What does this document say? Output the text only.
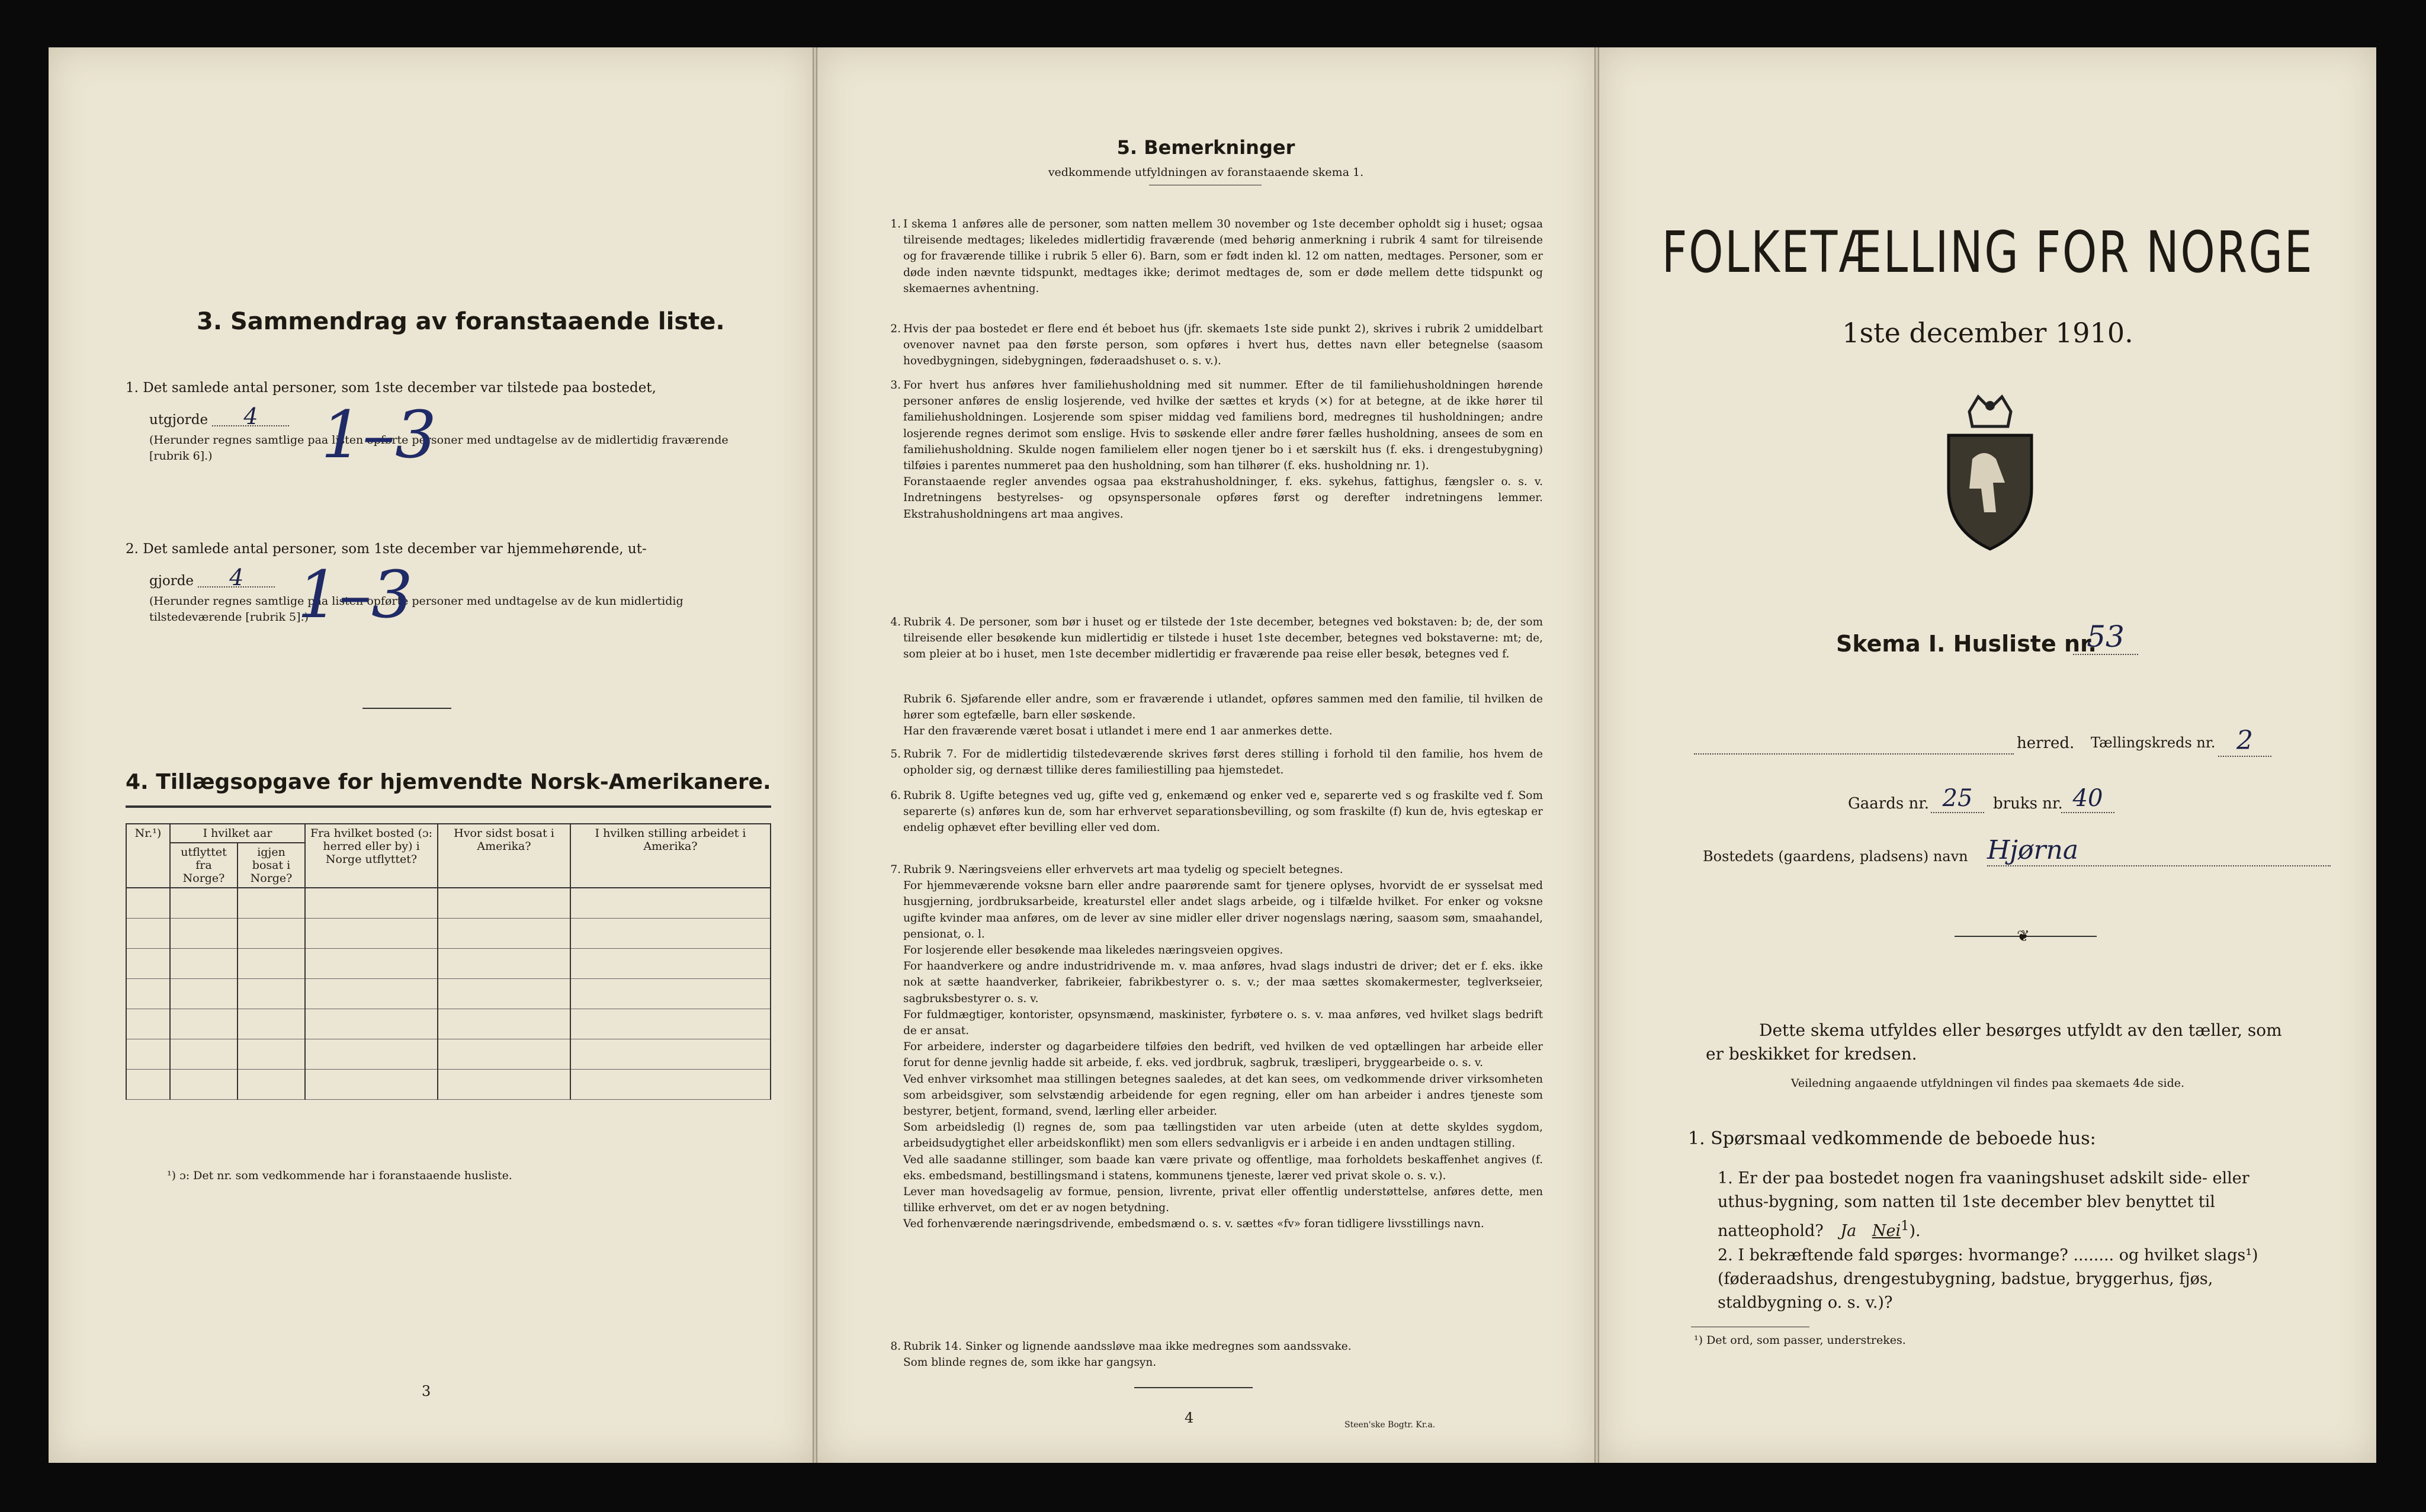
3. Sammendrag av foranstaaende liste.
1. Det samlede antal personer, som 1ste december var tilstede paa bostedet,
utgjorde 4
(Herunder regnes samtlige paa listen opførte personer med undtagelse av de midlertidig fraværende [rubrik 6].)	1–3
2. Det samlede antal personer, som 1ste december var hjemmehørende, ut-
gjorde 4
(Herunder regnes samtlige paa listen opførte personer med undtagelse av de kun midlertidig tilstedeværende [rubrik 5].)
1–3
4. Tillægsopgave for hjemvendte Norsk-Amerikanere.
Nr.¹)	I hvilket aar		Fra hvilket bosted (ɔ: herred eller by) i Norge utflyttet?	Hvor sidst bosat i Amerika?	I hvilken stilling arbeidet i Amerika?
	utflyttet fra Norge?	igjen bosat i Norge?			

¹) ɔ: Det nr. som vedkommende har i foranstaaende husliste.
3
5. Bemerkninger
vedkommende utfyldningen av foranstaaende skema 1.
1. I skema 1 anføres alle de personer, som natten mellem 30 november og 1ste december opholdt sig i huset; ogsaa tilreisende medtages; likeledes midlertidig fraværende (med behørig anmerkning i rubrik 4 samt for tilreisende og for fraværende tillike i rubrik 5 eller 6). Barn, som er født inden kl. 12 om natten, medtages. Personer, som er døde inden nævnte tidspunkt, medtages ikke; derimot medtages de, som er døde mellem dette tidspunkt og skemaernes avhentning.
2. Hvis der paa bostedet er flere end ét beboet hus (jfr. skemaets 1ste side punkt 2), skrives i rubrik 2 umiddelbart ovenover navnet paa den første person, som opføres i hvert hus, dettes navn eller betegnelse (saasom hovedbygningen, sidebygningen, føderaadshuset o. s. v.).
3. For hvert hus anføres hver familiehusholdning med sit nummer. Efter de til familiehusholdningen hørende personer anføres de enslig losjerende, ved hvilke der sættes et kryds (×) for at betegne, at de ikke hører til familiehusholdningen. Losjerende som spiser middag ved familiens bord, medregnes til husholdningen; andre losjerende regnes derimot som enslige. Hvis to søskende eller andre fører fælles husholdning, ansees de som en familiehusholdning. Skulde nogen familielem eller nogen tjener bo i et særskilt hus (f. eks. i drengestubygning) tilføies i parentes nummeret paa den husholdning, som han tilhører (f. eks. husholdning nr. 1).
Foranstaaende regler anvendes ogsaa paa ekstrahusholdninger, f. eks. sykehus, fattighus, fængsler o. s. v. Indretningens bestyrelses- og opsynspersonale opføres først og derefter indretningens lemmer. Ekstrahusholdningens art maa angives.
4. Rubrik 4. De personer, som bør i huset og er tilstede der 1ste december, betegnes ved bokstaven: b; de, der som tilreisende eller besøkende kun midlertidig er tilstede i huset 1ste december, betegnes ved bokstaverne: mt; de, som pleier at bo i huset, men 1ste december midlertidig er fraværende paa reise eller besøk, betegnes ved f.
Rubrik 6. Sjøfarende eller andre, som er fraværende i utlandet, opføres sammen med den familie, til hvilken de hører som egtefælle, barn eller søskende.
Har den fraværende været bosat i utlandet i mere end 1 aar anmerkes dette.
5. Rubrik 7. For de midlertidig tilstedeværende skrives først deres stilling i forhold til den familie, hos hvem de opholder sig, og dernæst tillike deres familiestilling paa hjemstedet.
6. Rubrik 8. Ugifte betegnes ved ug, gifte ved g, enkemænd og enker ved e, separerte ved s og fraskilte ved f. Som separerte (s) anføres kun de, som har erhvervet separationsbevilling, og som fraskilte (f) kun de, hvis egteskap er endelig ophævet efter bevilling eller ved dom.
7. Rubrik 9. Næringsveiens eller erhvervets art maa tydelig og specielt betegnes.
For hjemmeværende voksne barn eller andre paarørende samt for tjenere oplyses, hvorvidt de er sysselsat med husgjerning, jordbruksarbeide, kreaturstel eller andet slags arbeide, og i tilfælde hvilket. For enker og voksne ugifte kvinder maa anføres, om de lever av sine midler eller driver nogenslags næring, saasom søm, smaahandel, pensionat, o. l.
For losjerende eller besøkende maa likeledes næringsveien opgives.
For haandverkere og andre industridrivende m. v. maa anføres, hvad slags industri de driver; det er f. eks. ikke nok at sætte haandverker, fabrikeier, fabrikbestyrer o. s. v.; der maa sættes skomakermester, teglverkseier, sagbruksbestyrer o. s. v.
For fuldmægtiger, kontorister, opsynsmænd, maskinister, fyrbøtere o. s. v. maa anføres, ved hvilket slags bedrift de er ansat.
For arbeidere, inderster og dagarbeidere tilføies den bedrift, ved hvilken de ved optællingen har arbeide eller forut for denne jevnlig hadde sit arbeide, f. eks. ved jordbruk, sagbruk, træsliperi, bryggearbeide o. s. v.
Ved enhver virksomhet maa stillingen betegnes saaledes, at det kan sees, om vedkommende driver virksomheten som arbeidsgiver, som selvstændig arbeidende for egen regning, eller om han arbeider i andres tjeneste som bestyrer, betjent, formand, svend, lærling eller arbeider.
Som arbeidsledig (l) regnes de, som paa tællingstiden var uten arbeide (uten at dette skyldes sygdom, arbeidsudygtighet eller arbeidskonflikt) men som ellers sedvanligvis er i arbeide i en anden undtagen stilling.
Ved alle saadanne stillinger, som baade kan være private og offentlige, maa forholdets beskaffenhet angives (f. eks. embedsmand, bestillingsmand i statens, kommunens tjeneste, lærer ved privat skole o. s. v.).
Lever man hovedsagelig av formue, pension, livrente, privat eller offentlig understøttelse, anføres dette, men tillike erhvervet, om det er av nogen betydning.
Ved forhenværende næringsdrivende, embedsmænd o. s. v. sættes «fv» foran tidligere livsstillings navn.
8. Rubrik 14. Sinker og lignende aandssløve maa ikke medregnes som aandssvake.
Som blinde regnes de, som ikke har gangsyn.
4	Steen'ske Bogtr. Kr.a.
FOLKETÆLLING FOR NORGE
1ste december 1910.
Skema I. Husliste nr.
53
herred. Tællingskreds nr. 2
Gaards nr. 25	bruks nr. 40
Bostedets (gaardens, pladsens) navn Hjørna
❦
Dette skema utfyldes eller besørges utfyldt av den tæller, som er beskikket for kredsen.
Veiledning angaaende utfyldningen vil findes paa skemaets 4de side.
1. Spørsmaal vedkommende de beboede hus:
1. Er der paa bostedet nogen fra vaaningshuset adskilt side- eller uthus-bygning, som natten til 1ste december blev benyttet til natteophold? Ja Nei$^1$).
2. I bekræftende fald spørges: hvormange? ........ og hvilket slags¹) (føderaadshus, drengestubygning, badstue, bryggerhus, fjøs, staldbygning o. s. v.)?
¹) Det ord, som passer, understrekes.
